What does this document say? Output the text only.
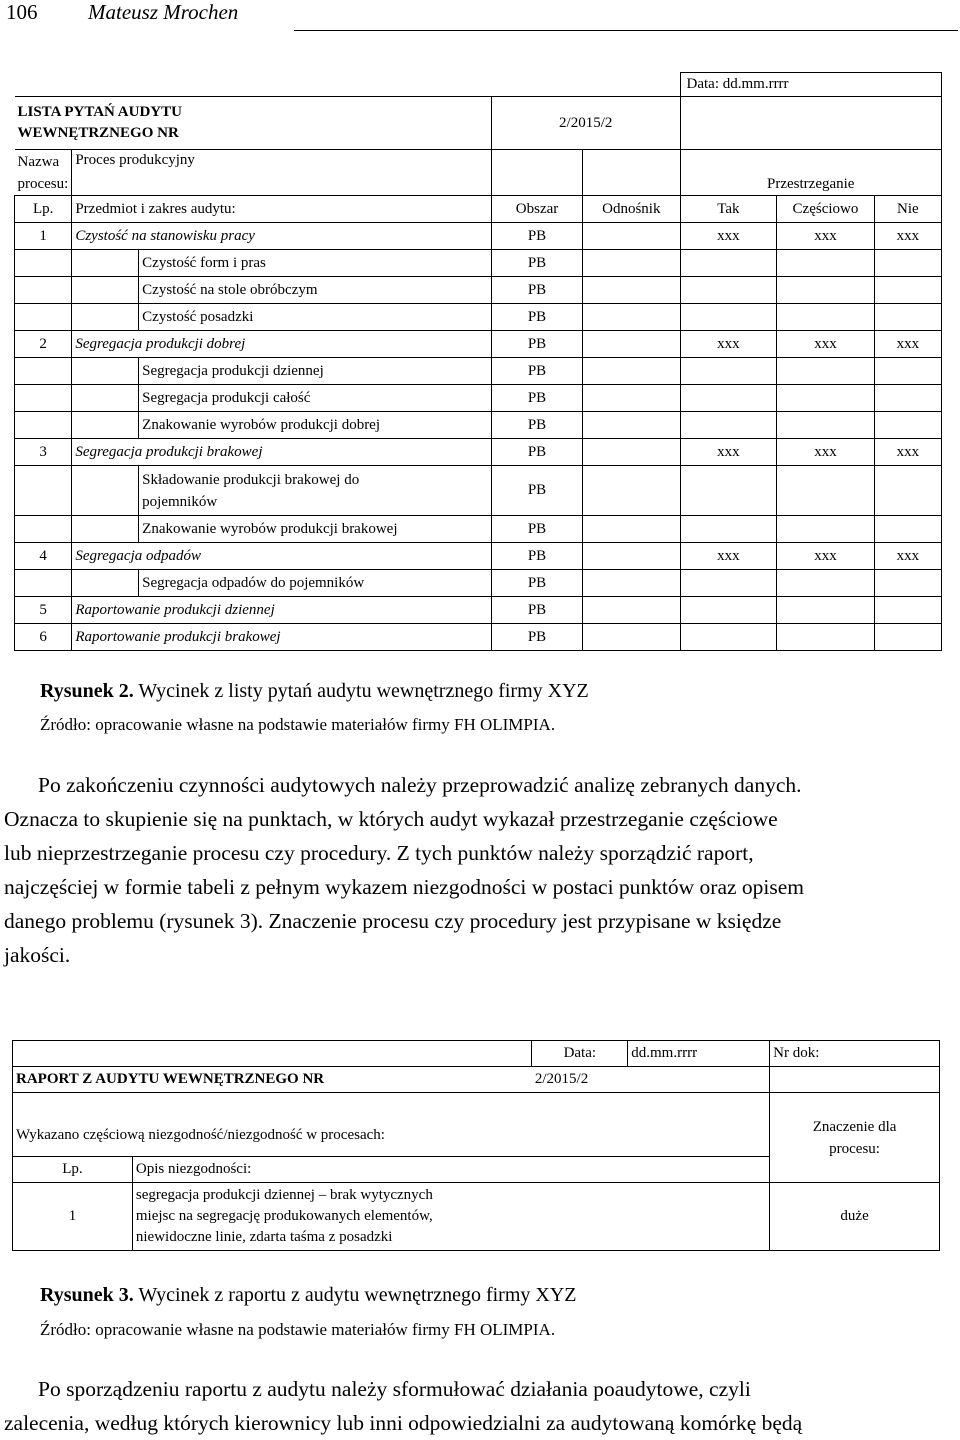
106 Mateusz Mrochen
					Data: dd.mm.rrrr		

LISTA PYTAŃ AUDYTU
WEWNĘTRZNEGO NR			2/2015/2				

Nazwa
procesu:	Proces produkcyjny				Przestrzeganie		
Lp.	Przedmiot i zakres audytu:		Obszar	Odnośnik	Tak	Częściowo	Nie
1	Czystość na stanowisku pracy		PB		xxx	xxx	xxx
		Czystość form i pras	PB				
		Czystość na stole obróbczym	PB				
		Czystość posadzki	PB				
2	Segregacja produkcji dobrej		PB		xxx	xxx	xxx
		Segregacja produkcji dziennej	PB				
		Segregacja produkcji całość	PB				
		Znakowanie wyrobów produkcji dobrej	PB				
3	Segregacja produkcji brakowej		PB		xxx	xxx	xxx

		Składowanie produkcji brakowej do
pojemników	PB				
		Znakowanie wyrobów produkcji brakowej	PB				
4	Segregacja odpadów		PB		xxx	xxx	xxx
		Segregacja odpadów do pojemników	PB				
5	Raportowanie produkcji dziennej		PB				
6	Raportowanie produkcji brakowej		PB				
Rysunek 2. Wycinek z listy pytań audytu wewnętrznego firmy XYZ
Źródło: opracowanie własne na podstawie materiałów firmy FH OLIMPIA.
Po zakończeniu czynności audytowych należy przeprowadzić analizę zebranych danych.
Oznacza to skupienie się na punktach, w których audyt wykazał przestrzeganie częściowe
lub nieprzestrzeganie procesu czy procedury. Z tych punktów należy sporządzić raport,
najczęściej w formie tabeli z pełnym wykazem niezgodności w postaci punktów oraz opisem
danego problemu (rysunek 3). Znaczenie procesu czy procedury jest przypisane w księdze
jakości.
		Data:	dd.mm.rrrr	Nr dok:
RAPORT Z AUDYTU WEWNĘTRZNEGO NR		2/2015/2		
Wykazano częściową niezgodność/niezgodność w procesach:				Znaczenie dla
procesu:

Lp.	Opis niezgodności:			
1	segregacja produkcji dziennej – brak wytycznych
miejsc na segregację produkowanych elementów,
niewidoczne linie, zdarta taśma z posadzki			duże
Rysunek 3. Wycinek z raportu z audytu wewnętrznego firmy XYZ
Źródło: opracowanie własne na podstawie materiałów firmy FH OLIMPIA.
Po sporządzeniu raportu z audytu należy sformułować działania poaudytowe, czyli
zalecenia, według których kierownicy lub inni odpowiedzialni za audytowaną komórkę będą
